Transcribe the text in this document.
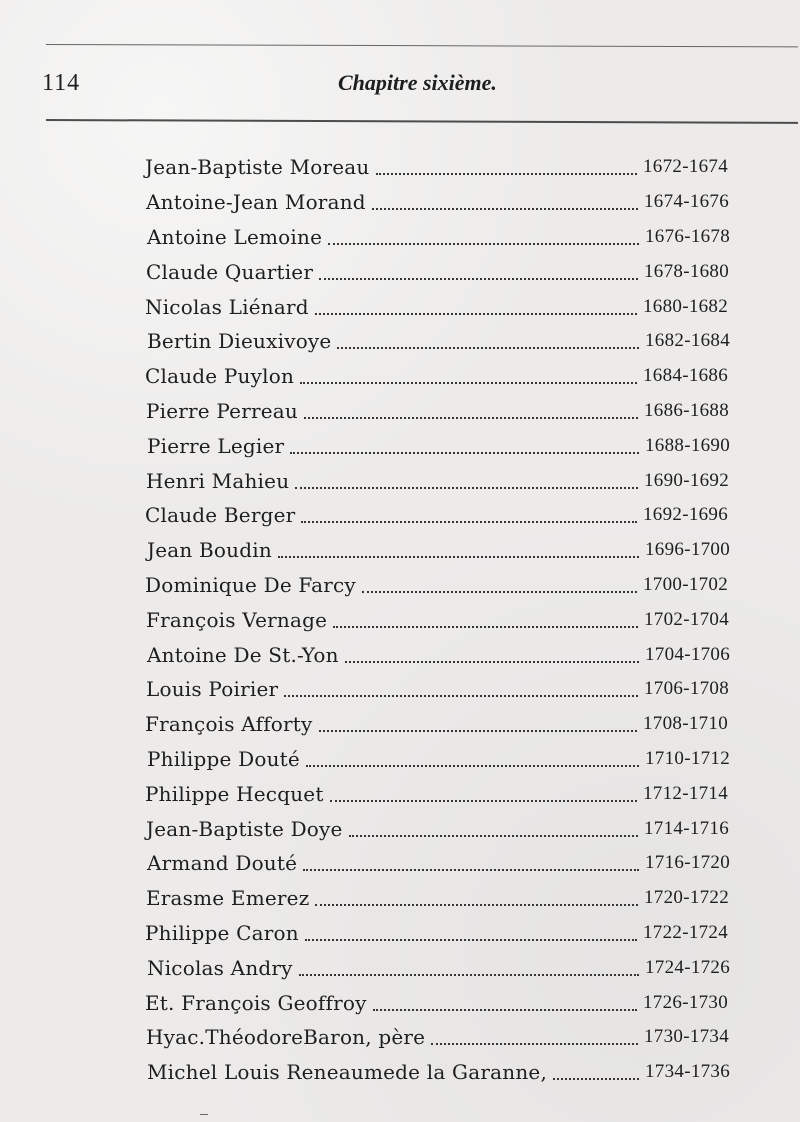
114	Chapitre sixième.
Jean-Baptiste Moreau	1672-1674
Antoine-Jean Morand	1674-1676
Antoine Lemoine	1676-1678
Claude Quartier	1678-1680
Nicolas Liénard	1680-1682
Bertin Dieuxivoye	1682-1684
Claude Puylon	1684-1686
Pierre Perreau	1686-1688
Pierre Legier	1688-1690
Henri Mahieu	1690-1692
Claude Berger	1692-1696
Jean Boudin	1696-1700
Dominique De Farcy	1700-1702
François Vernage	1702-1704
Antoine De St.-Yon	1704-1706
Louis Poirier	1706-1708
François Afforty	1708-1710
Philippe Douté	1710-1712
Philippe Hecquet	1712-1714
Jean-Baptiste Doye	1714-1716
Armand Douté	1716-1720
Erasme Emerez	1720-1722
Philippe Caron	1722-1724
Nicolas Andry	1724-1726
Et. François Geoffroy	1726-1730
Hyac.ThéodoreBaron, père	1730-1734
Michel Louis Reneaumede la Garanne,	1734-1736
